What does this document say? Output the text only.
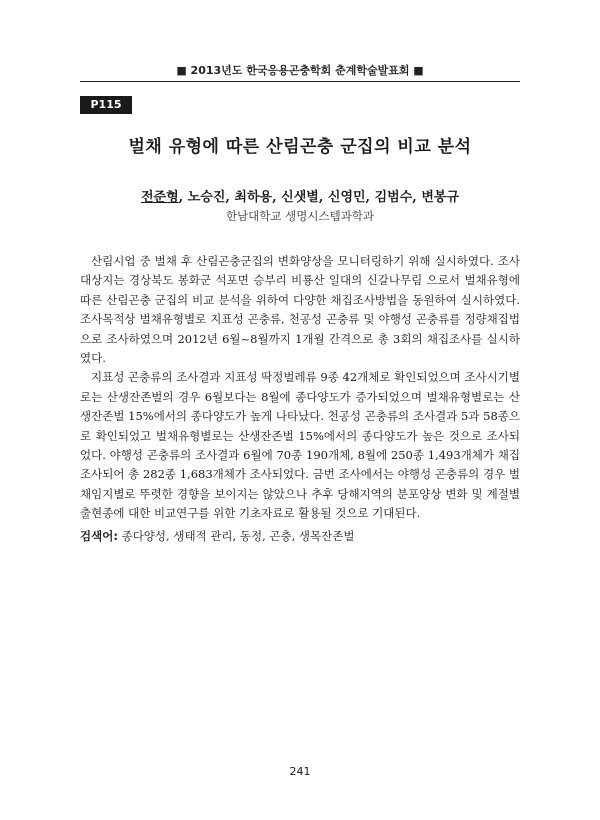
■ 2013년도 한국응용곤충학회 춘계학술발표회 ■
P115
벌채 유형에 따른 산림곤충 군집의 비교 분석
전준형, 노승진, 최하용, 신샛별, 신영민, 김범수, 변봉규
한남대학교 생명시스템과학과

산림시업 중 벌채 후 산림곤충군집의 변화양상을 모니터링하기 위해 실시하였다. 조사대상지는 경상북도 봉화군 석포면 승부리 비룡산 일대의 신갈나무림 으로서 벌채유형에 따른 산림곤충 군집의 비교 분석을 위하여 다양한 채집조사방법을 동원하여 실시하였다. 조사목적상 벌채유형별로 지표성 곤충류, 천공성 곤충류 및 야행성 곤충류를 정량채집법으로 조사하였으며 2012년 6월~8월까지 1개월 간격으로 총 3회의 채집조사를 실시하였다.

지표성 곤충류의 조사결과 지표성 딱정벌레류 9종 42개체로 확인되었으며 조사시기별로는 산생잔존벌의 경우 6월보다는 8월에 종다양도가 증가되었으며 벌채유형별로는 산생잔존벌 15%에서의 종다양도가 높게 나타났다. 천공성 곤충류의 조사결과 5과 58종으로 확인되었고 벌채유형별로는 산생잔존벌 15%에서의 종다양도가 높은 것으로 조사되었다. 야행성 곤충류의 조사결과 6월에 70종 190개체, 8월에 250종 1,493개체가 채집조사되어 총 282종 1,683개체가 조사되었다. 금번 조사에서는 야행성 곤충류의 경우 벌채임지별로 뚜렷한 경향을 보이지는 않았으나 추후 당해지역의 분포양상 변화 및 계절별 출현종에 대한 비교연구를 위한 기초자료로 활용될 것으로 기대된다.

검색어: 종다양성, 생태적 관리, 동정, 곤충, 생목잔존벌
241
